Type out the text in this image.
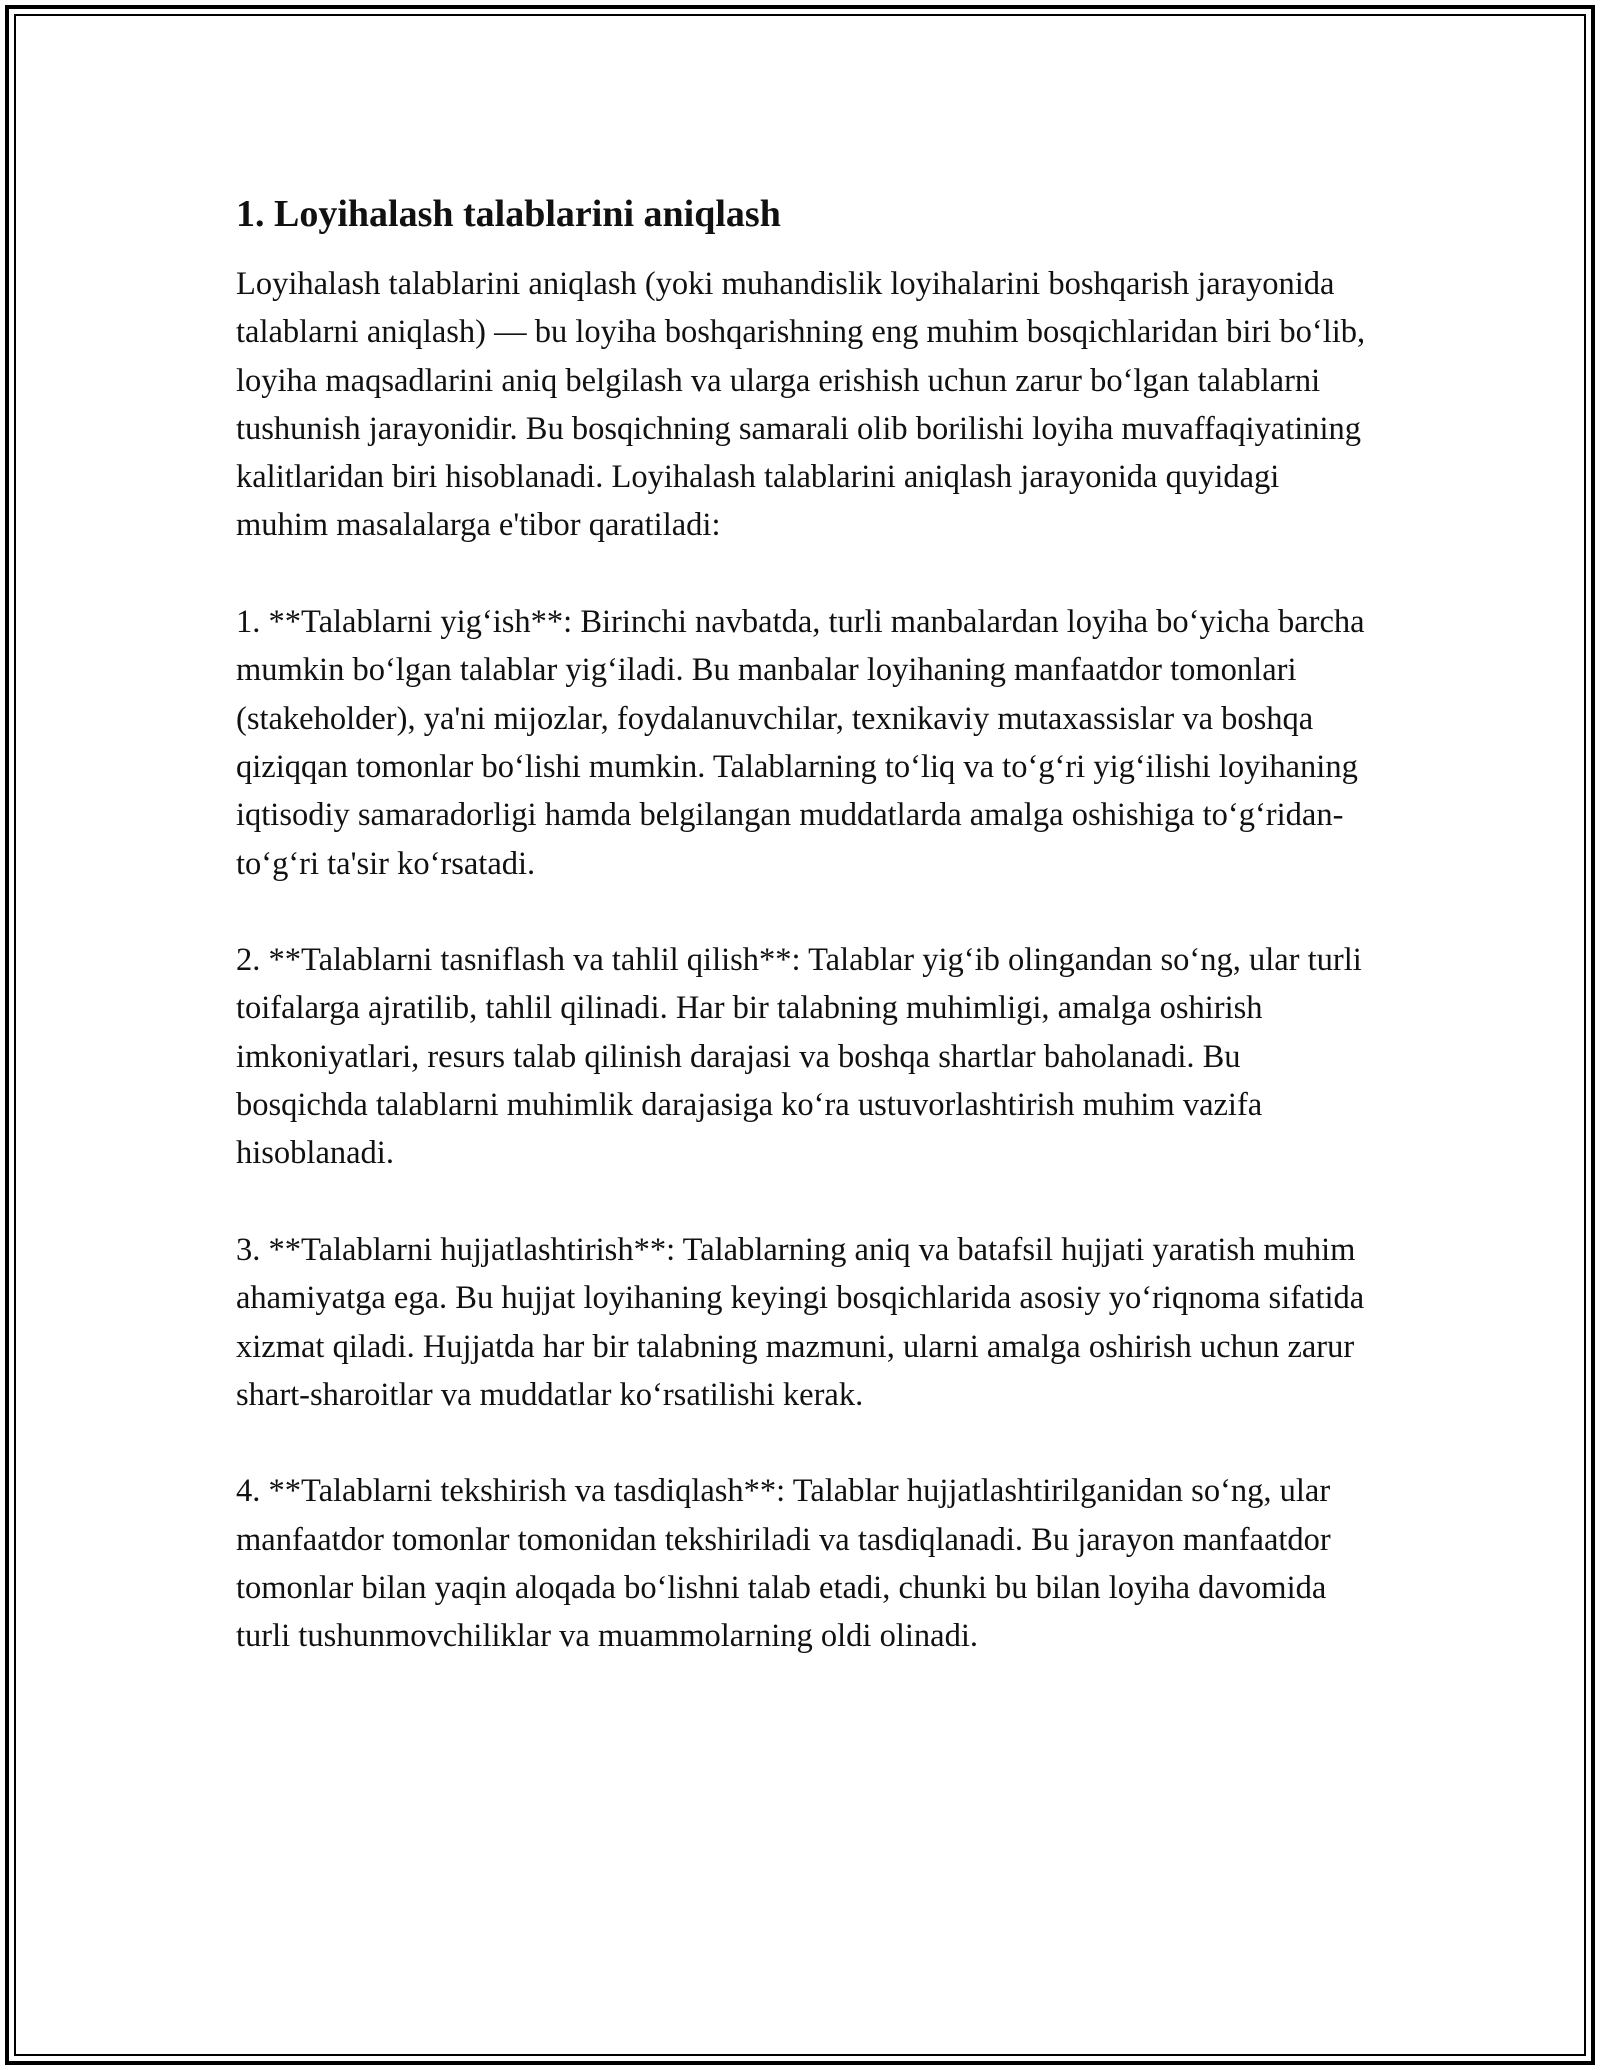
1. Loyihalash talablarini aniqlash

Loyihalash talablarini aniqlash (yoki muhandislik loyihalarini boshqarish jarayonida talablarni aniqlash) — bu loyiha boshqarishning eng muhim bosqichlaridan biri boʻlib, loyiha maqsadlarini aniq belgilash va ularga erishish uchun zarur boʻlgan talablarni tushunish jarayonidir. Bu bosqichning samarali olib borilishi loyiha muvaffaqiyatining kalitlaridan biri hisoblanadi. Loyihalash talablarini aniqlash jarayonida quyidagi muhim masalalarga e'tibor qaratiladi:

1. **Talablarni yigʻish**: Birinchi navbatda, turli manbalardan loyiha boʻyicha barcha mumkin boʻlgan talablar yigʻiladi. Bu manbalar loyihaning manfaatdor tomonlari (stakeholder), ya'ni mijozlar, foydalanuvchilar, texnikaviy mutaxassislar va boshqa qiziqqan tomonlar boʻlishi mumkin. Talablarning toʻliq va toʻgʻri yigʻilishi loyihaning iqtisodiy samaradorligi hamda belgilangan muddatlarda amalga oshishiga toʻgʻridan-toʻgʻri ta'sir koʻrsatadi.

2. **Talablarni tasniflash va tahlil qilish**: Talablar yigʻib olingandan soʻng, ular turli toifalarga ajratilib, tahlil qilinadi. Har bir talabning muhimligi, amalga oshirish imkoniyatlari, resurs talab qilinish darajasi va boshqa shartlar baholanadi. Bu bosqichda talablarni muhimlik darajasiga koʻra ustuvorlashtirish muhim vazifa hisoblanadi.

3. **Talablarni hujjatlashtirish**: Talablarning aniq va batafsil hujjati yaratish muhim ahamiyatga ega. Bu hujjat loyihaning keyingi bosqichlarida asosiy yoʻriqnoma sifatida xizmat qiladi. Hujjatda har bir talabning mazmuni, ularni amalga oshirish uchun zarur shart-sharoitlar va muddatlar koʻrsatilishi kerak.

4. **Talablarni tekshirish va tasdiqlash**: Talablar hujjatlashtirilganidan soʻng, ular manfaatdor tomonlar tomonidan tekshiriladi va tasdiqlanadi. Bu jarayon manfaatdor tomonlar bilan yaqin aloqada boʻlishni talab etadi, chunki bu bilan loyiha davomida turli tushunmovchiliklar va muammolarning oldi olinadi.
